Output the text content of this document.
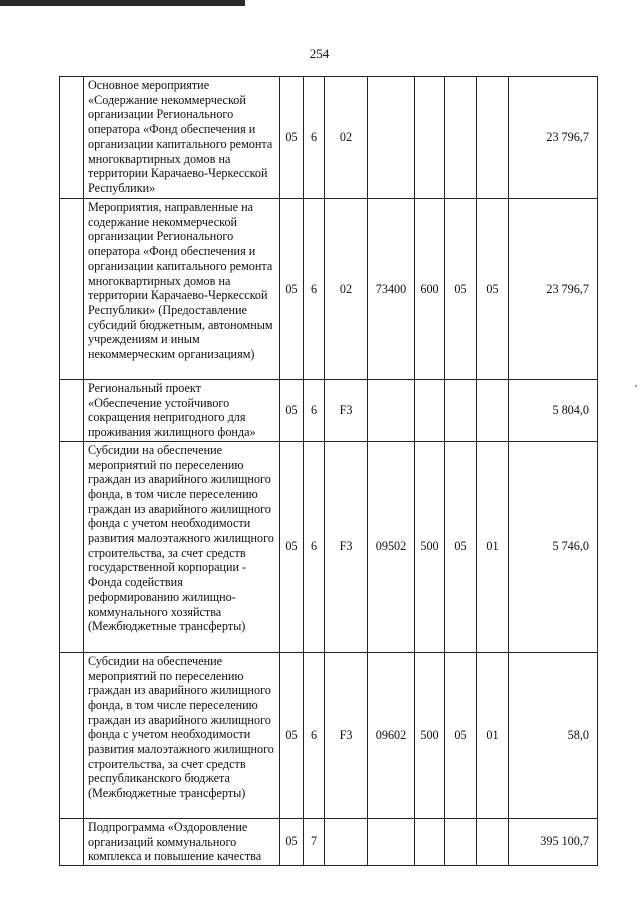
254
	Основное мероприятие «Содержание некоммерческой организации Регионального оператора «Фонд обеспечения и организации капитального ремонта многоквартирных домов на территории Карачаево-Черкесской Республики»	05	6	02					23 796,7
	Мероприятия, направленные на содержание некоммерческой организации Регионального оператора «Фонд обеспечения и организации капитального ремонта многоквартирных домов на территории Карачаево-Черкесской Республики» (Предоставление субсидий бюджетным, автономным учреждениям и иным некоммерческим организациям)	05	6	02	73400	600	05	05	23 796,7
	Региональный проект «Обеспечение устойчивого сокращения непригодного для проживания жилищного фонда»	05	6	F3					5 804,0
	Субсидии на обеспечение мероприятий по переселению граждан из аварийного жилищного фонда, в том числе переселению граждан из аварийного жилищного фонда с учетом необходимости развития малоэтажного жилищного строительства, за счет средств государственной корпорации - Фонда содействия реформированию жилищно-коммунального хозяйства (Межбюджетные трансферты)	05	6	F3	09502	500	05	01	5 746,0
	Субсидии на обеспечение мероприятий по переселению граждан из аварийного жилищного фонда, в том числе переселению граждан из аварийного жилищного фонда с учетом необходимости развития малоэтажного жилищного строительства, за счет средств республиканского бюджета (Межбюджетные трансферты)	05	6	F3	09602	500	05	01	58,0
	Подпрограмма «Оздоровление организаций коммунального комплекса и повышение качества	05	7						395 100,7
